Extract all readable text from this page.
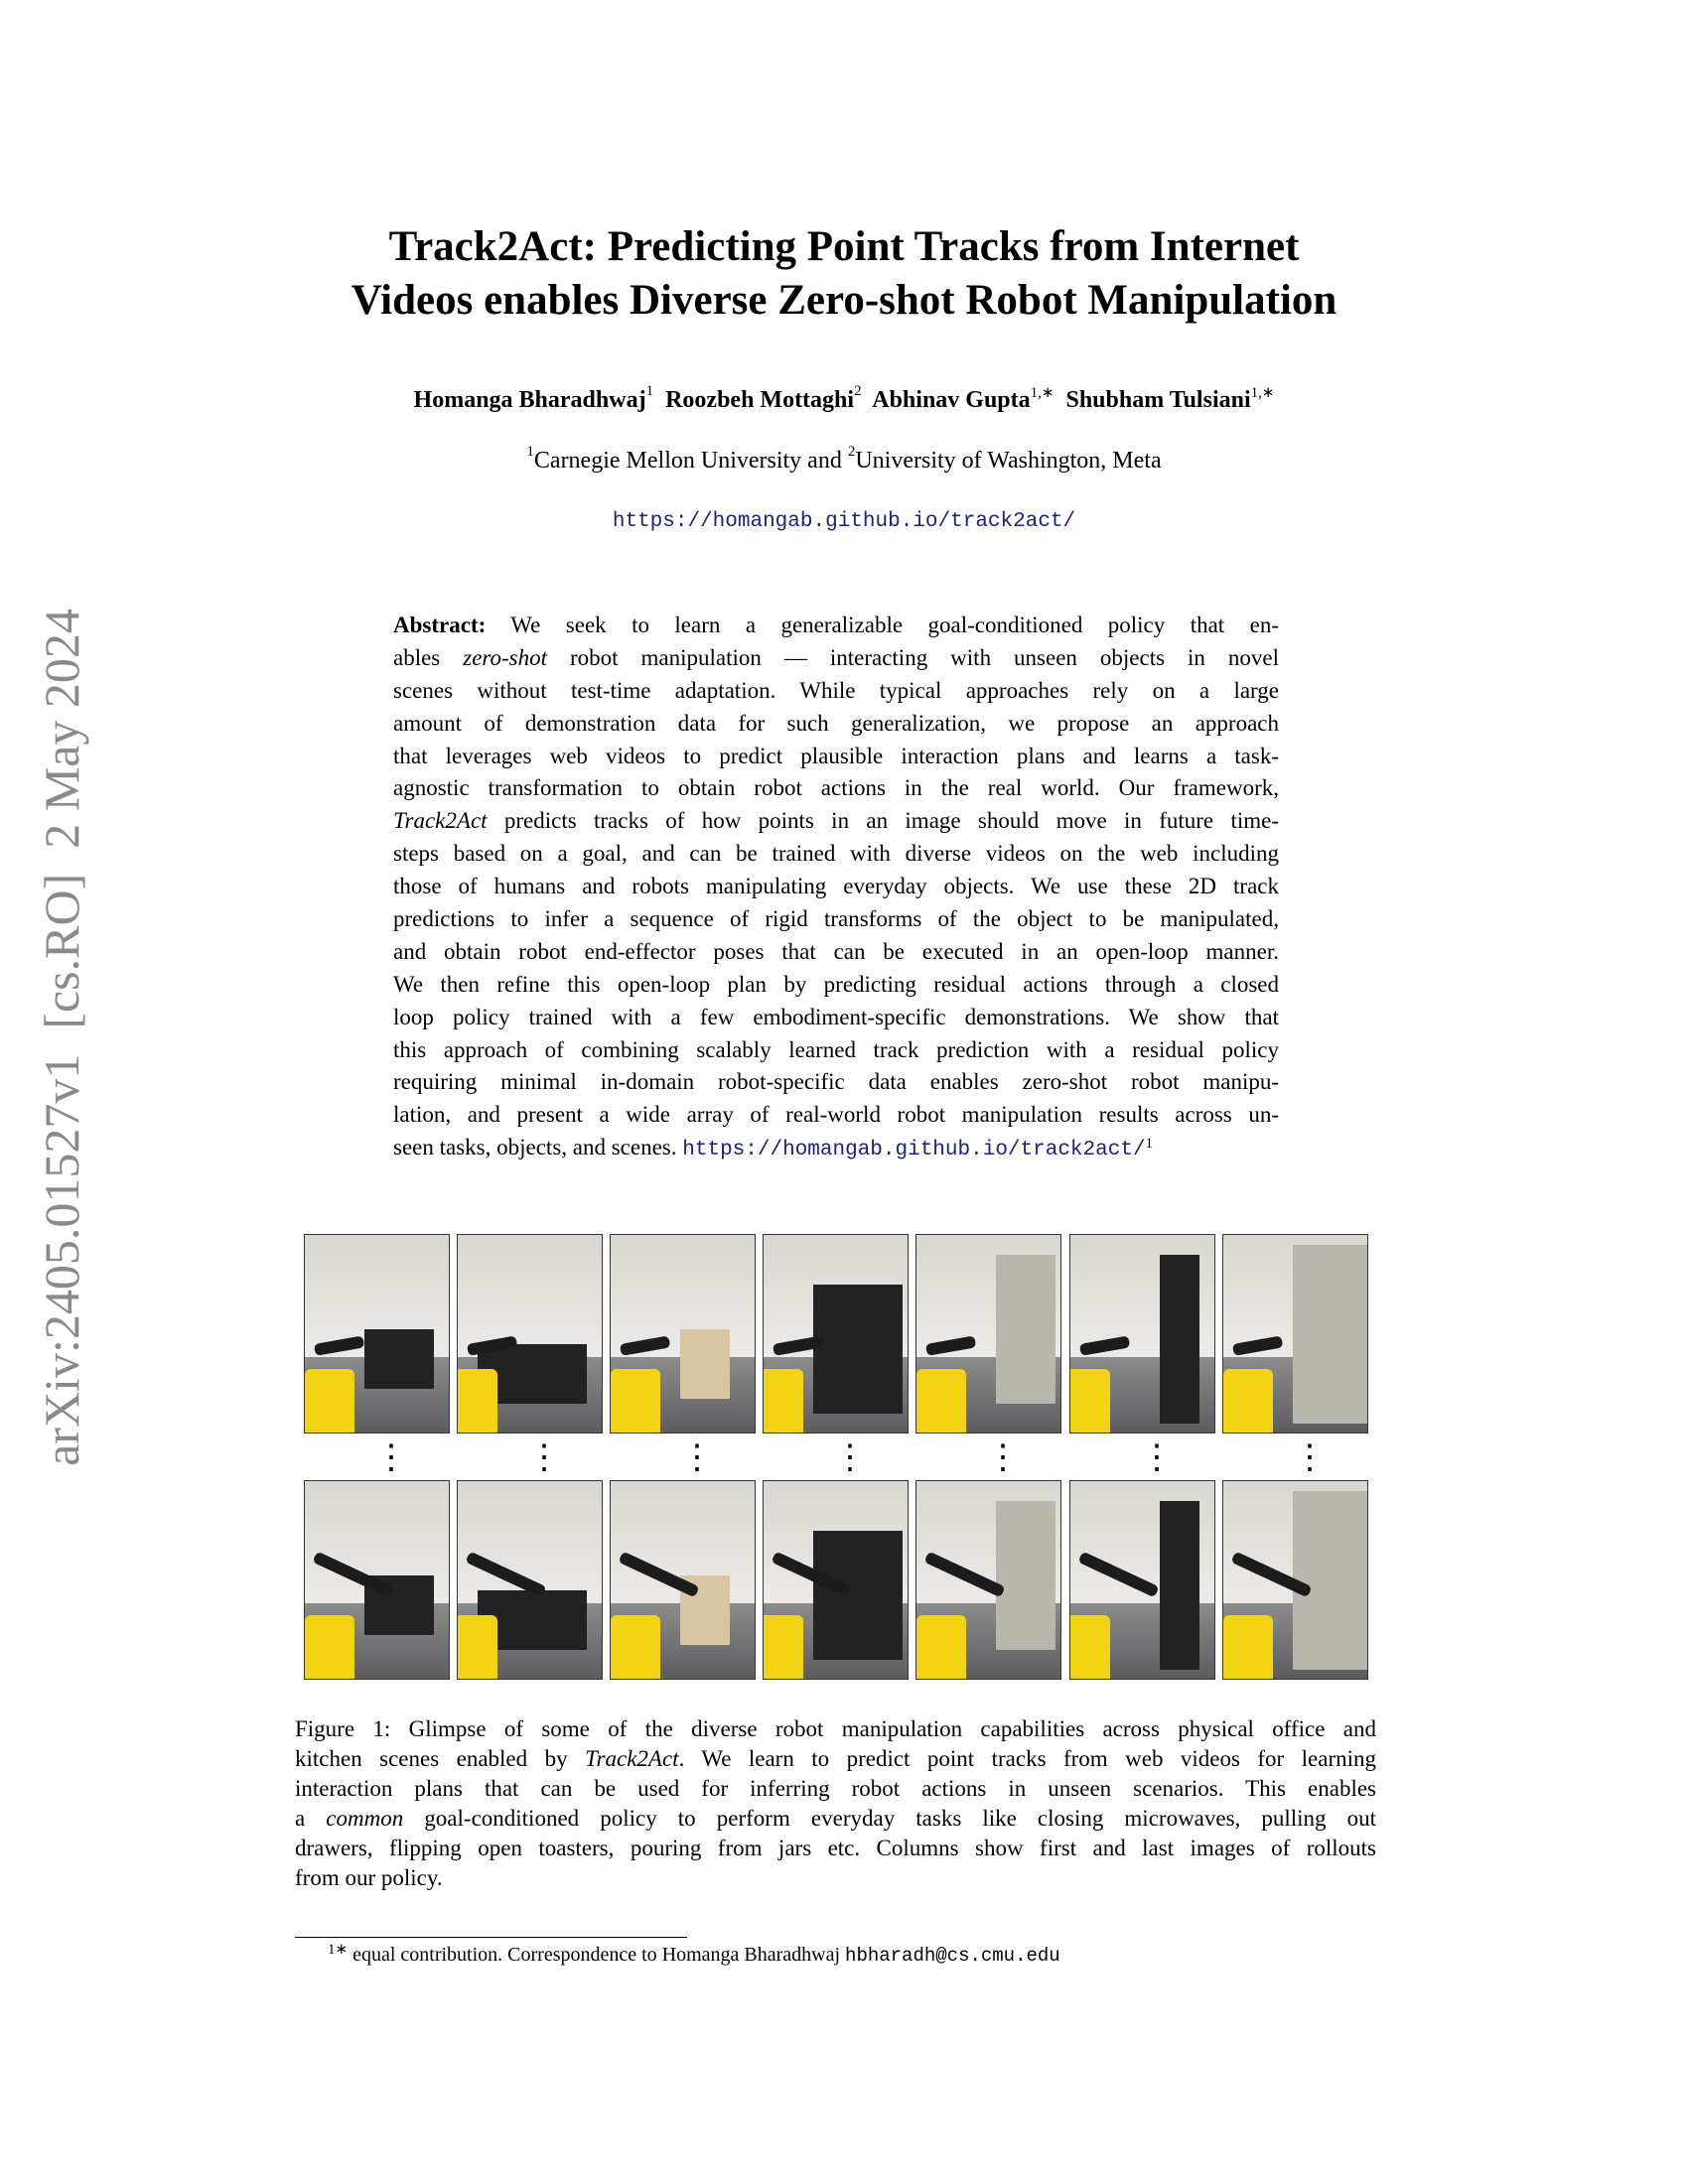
arXiv:2405.01527v1  [cs.RO]  2 May 2024
Track2Act: Predicting Point Tracks from Internet
Videos enables Diverse Zero-shot Robot Manipulation
Homanga Bharadhwaj$^1$ Roozbeh Mottaghi$^2$ Abhinav Gupta$^{1,∗}$ Shubham Tulsiani$^{1,∗}$
$^1$Carnegie Mellon University and $^2$University of Washington, Meta
https://homangab.github.io/track2act/
Abstract: We seek to learn a generalizable goal-conditioned policy that en-
ables zero-shot robot manipulation — interacting with unseen objects in novel
scenes without test-time adaptation. While typical approaches rely on a large
amount of demonstration data for such generalization, we propose an approach
that leverages web videos to predict plausible interaction plans and learns a task-
agnostic transformation to obtain robot actions in the real world. Our framework,
Track2Act predicts tracks of how points in an image should move in future time-
steps based on a goal, and can be trained with diverse videos on the web including
those of humans and robots manipulating everyday objects. We use these 2D track
predictions to infer a sequence of rigid transforms of the object to be manipulated,
and obtain robot end-effector poses that can be executed in an open-loop manner.
We then refine this open-loop plan by predicting residual actions through a closed
loop policy trained with a few embodiment-specific demonstrations. We show that
this approach of combining scalably learned track prediction with a residual policy
requiring minimal in-domain robot-specific data enables zero-shot robot manipu-
lation, and present a wide array of real-world robot manipulation results across un-
seen tasks, objects, and scenes. https://homangab.github.io/track2act/$^1$
⋮	⋮	⋮	⋮	⋮	⋮	⋮
Figure 1: Glimpse of some of the diverse robot manipulation capabilities across physical office and
kitchen scenes enabled by Track2Act. We learn to predict point tracks from web videos for learning
interaction plans that can be used for inferring robot actions in unseen scenarios. This enables
a common goal-conditioned policy to perform everyday tasks like closing microwaves, pulling out
drawers, flipping open toasters, pouring from jars etc. Columns show first and last images of rollouts
from our policy.
$^{1∗}$ equal contribution. Correspondence to Homanga Bharadhwaj hbharadh@cs.cmu.edu
